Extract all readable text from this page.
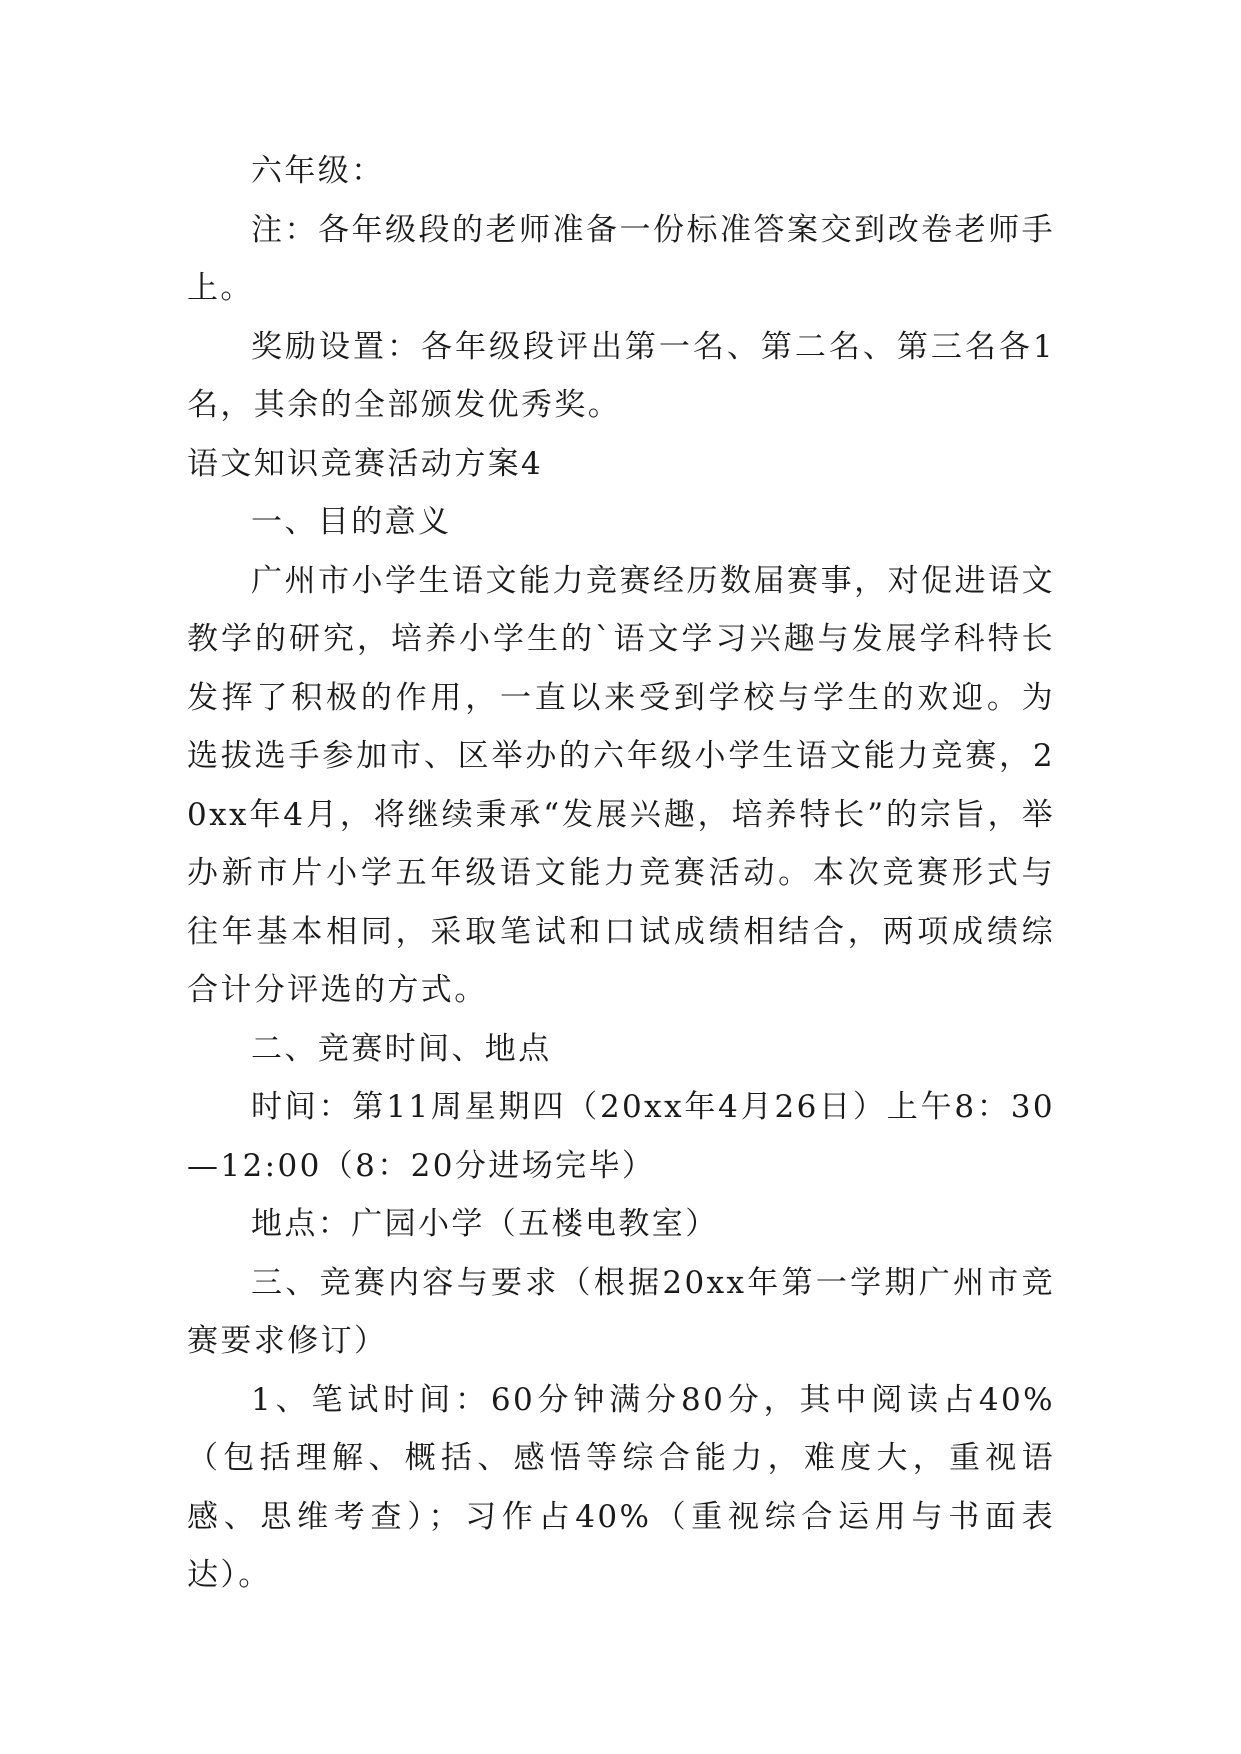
六年级：

注：各年级段的老师准备一份标准答案交到改卷老师手上。

奖励设置：各年级段评出第一名、第二名、第三名各1名，其余的全部颁发优秀奖。

语文知识竞赛活动方案4

一、目的意义

广州市小学生语文能力竞赛经历数届赛事，对促进语文教学的研究，培养小学生的`语文学习兴趣与发展学科特长发挥了积极的作用，一直以来受到学校与学生的欢迎。为选拔选手参加市、区举办的六年级小学生语文能力竞赛，20xx年4月，将继续秉承“发展兴趣，培养特长”的宗旨，举办新市片小学五年级语文能力竞赛活动。本次竞赛形式与往年基本相同，采取笔试和口试成绩相结合，两项成绩综合计分评选的方式。

二、竞赛时间、地点

时间：第11周星期四（20xx年4月26日）上午8：30—12:00（8：20分进场完毕）

地点：广园小学（五楼电教室）

三、竞赛内容与要求（根据20xx年第一学期广州市竞赛要求修订）

1、笔试时间：60分钟满分80分，其中阅读占40%（包括理解、概括、感悟等综合能力，难度大，重视语感、思维考查）；习作占40%（重视综合运用与书面表达）。
